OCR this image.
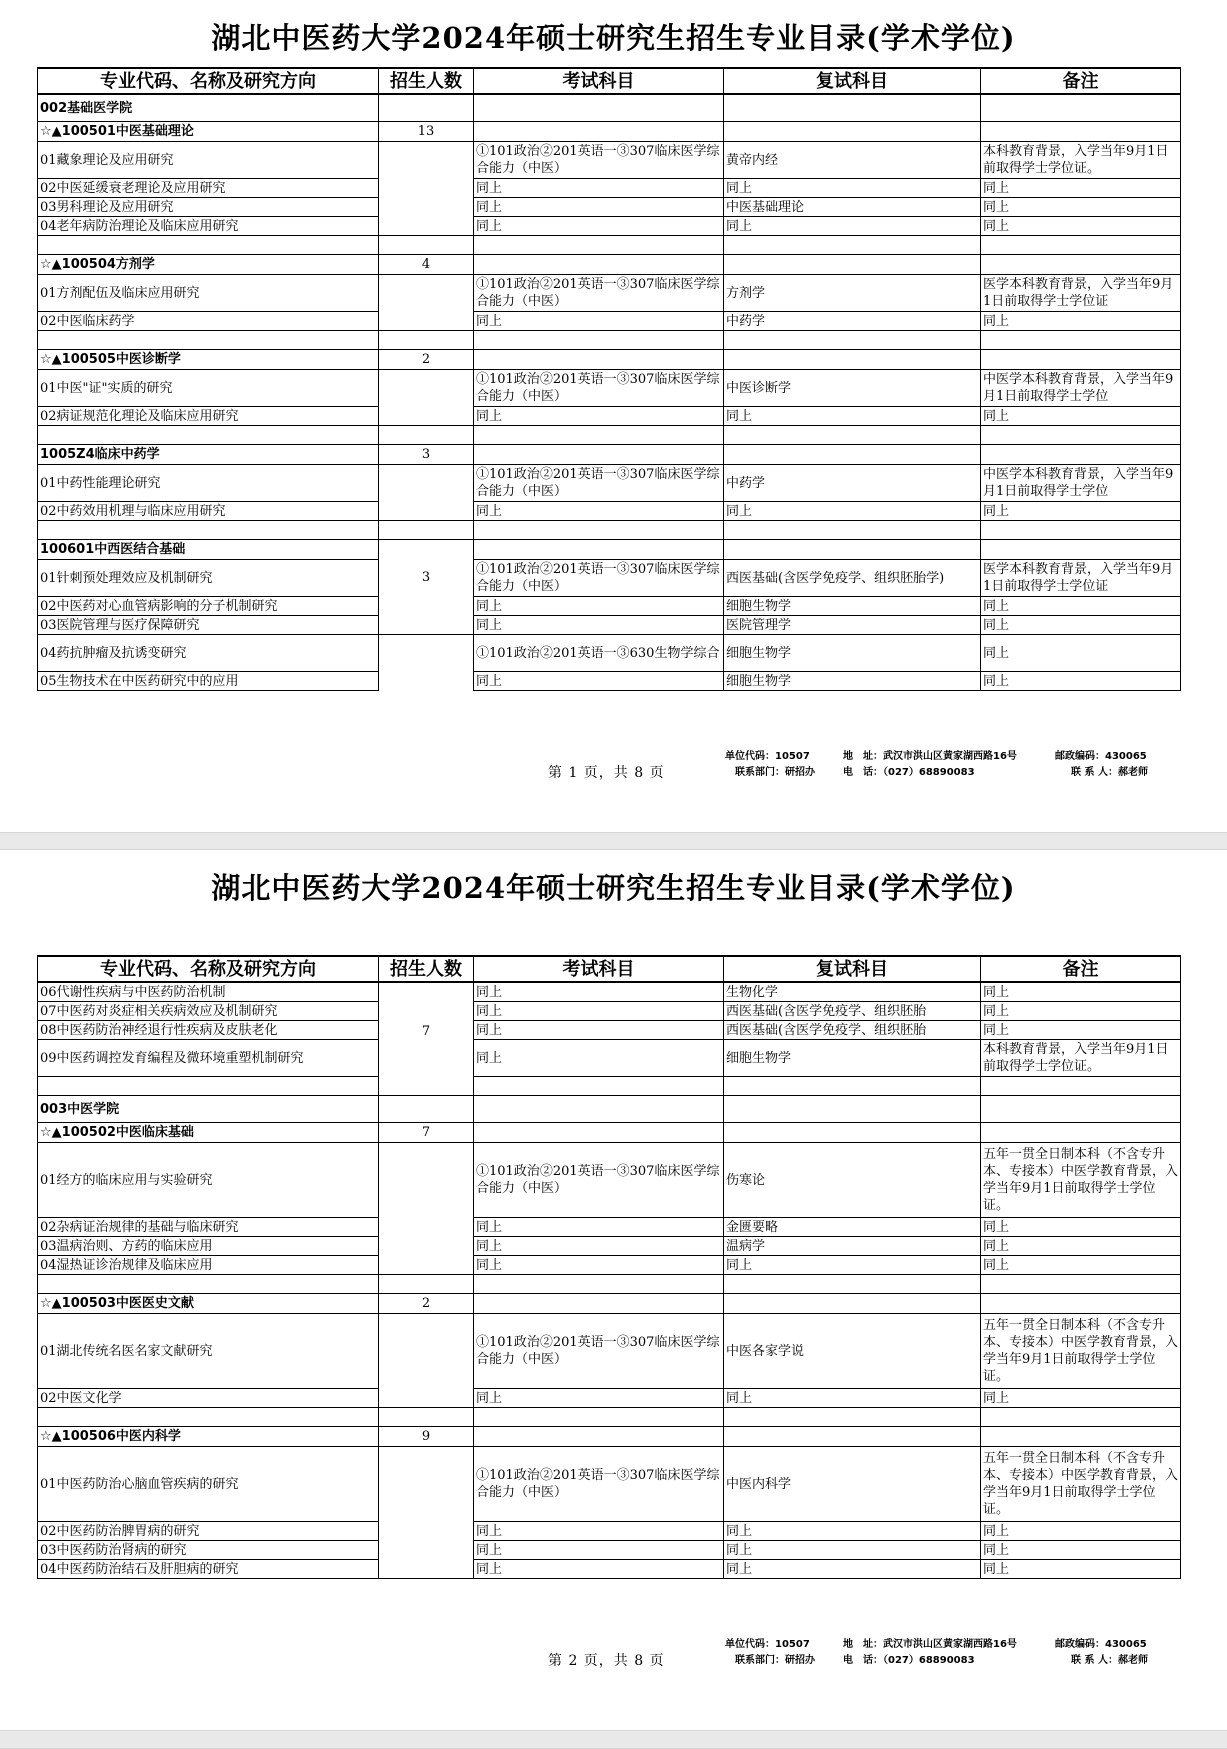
湖北中医药大学2024年硕士研究生招生专业目录(学术学位)
专业代码、名称及研究方向	招生人数	考试科目	复试科目	备注
002基础医学院				
☆▲100501中医基础理论	13			
01藏象理论及应用研究		①101政治②201英语一③307临床医学综合能力（中医）	黄帝内经	本科教育背景，入学当年9月1日前取得学士学位证。
02中医延缓衰老理论及应用研究		同上	同上	同上
03男科理论及应用研究		同上	中医基础理论	同上
04老年病防治理论及临床应用研究		同上	同上	同上

☆▲100504方剂学	4			
01方剂配伍及临床应用研究		①101政治②201英语一③307临床医学综合能力（中医）	方剂学	医学本科教育背景，入学当年9月1日前取得学士学位证
02中医临床药学		同上	中药学	同上

☆▲100505中医诊断学	2			
01中医"证"实质的研究		①101政治②201英语一③307临床医学综合能力（中医）	中医诊断学	中医学本科教育背景，入学当年9月1日前取得学士学位
02病证规范化理论及临床应用研究		同上	同上	同上

1005Z4临床中药学	3			
01中药性能理论研究		①101政治②201英语一③307临床医学综合能力（中医）	中药学	中医学本科教育背景，入学当年9月1日前取得学士学位
02中药效用机理与临床应用研究		同上	同上	同上

100601中西医结合基础				
01针刺预处理效应及机制研究	3	①101政治②201英语一③307临床医学综合能力（中医）	西医基础(含医学免疫学、组织胚胎学)	医学本科教育背景，入学当年9月1日前取得学士学位证
02中医药对心血管病影响的分子机制研究		同上	细胞生物学	同上
03医院管理与医疗保障研究		同上	医院管理学	同上
04药抗肿瘤及抗诱变研究		①101政治②201英语一③630生物学综合	细胞生物学	同上
05生物技术在中医药研究中的应用		同上	细胞生物学	同上
第 1 页，共 8 页
单位代码：10507	地　址：武汉市洪山区黄家湖西路16号	邮政编码：430065
联系部门：研招办	电　话：（027）68890083	联 系 人：郝老师
湖北中医药大学2024年硕士研究生招生专业目录(学术学位)
专业代码、名称及研究方向	招生人数	考试科目	复试科目	备注
06代谢性疾病与中医药防治机制	7	同上	生物化学	同上
07中医药对炎症相关疾病效应及机制研究		同上	西医基础(含医学免疫学、组织胚胎	同上
08中医药防治神经退行性疾病及皮肤老化		同上	西医基础(含医学免疫学、组织胚胎	同上
09中医药调控发育编程及微环境重塑机制研究		同上	细胞生物学	本科教育背景，入学当年9月1日前取得学士学位证。

003中医学院				
☆▲100502中医临床基础	7			
01经方的临床应用与实验研究		①101政治②201英语一③307临床医学综合能力（中医）	伤寒论	五年一贯全日制本科（不含专升本、专接本）中医学教育背景，入学当年9月1日前取得学士学位证。
02杂病证治规律的基础与临床研究		同上	金匮要略	同上
03温病治则、方药的临床应用		同上	温病学	同上
04湿热证诊治规律及临床应用		同上	同上	同上

☆▲100503中医医史文献	2			
01湖北传统名医名家文献研究		①101政治②201英语一③307临床医学综合能力（中医）	中医各家学说	五年一贯全日制本科（不含专升本、专接本）中医学教育背景，入学当年9月1日前取得学士学位证。
02中医文化学		同上	同上	同上

☆▲100506中医内科学	9			
01中医药防治心脑血管疾病的研究		①101政治②201英语一③307临床医学综合能力（中医）	中医内科学	五年一贯全日制本科（不含专升本、专接本）中医学教育背景，入学当年9月1日前取得学士学位证。
02中医药防治脾胃病的研究		同上	同上	同上
03中医药防治肾病的研究		同上	同上	同上
04中医药防治结石及肝胆病的研究		同上	同上	同上
第 2 页，共 8 页
单位代码：10507	地　址：武汉市洪山区黄家湖西路16号	邮政编码：430065
联系部门：研招办	电　话：（027）68890083	联 系 人：郝老师
